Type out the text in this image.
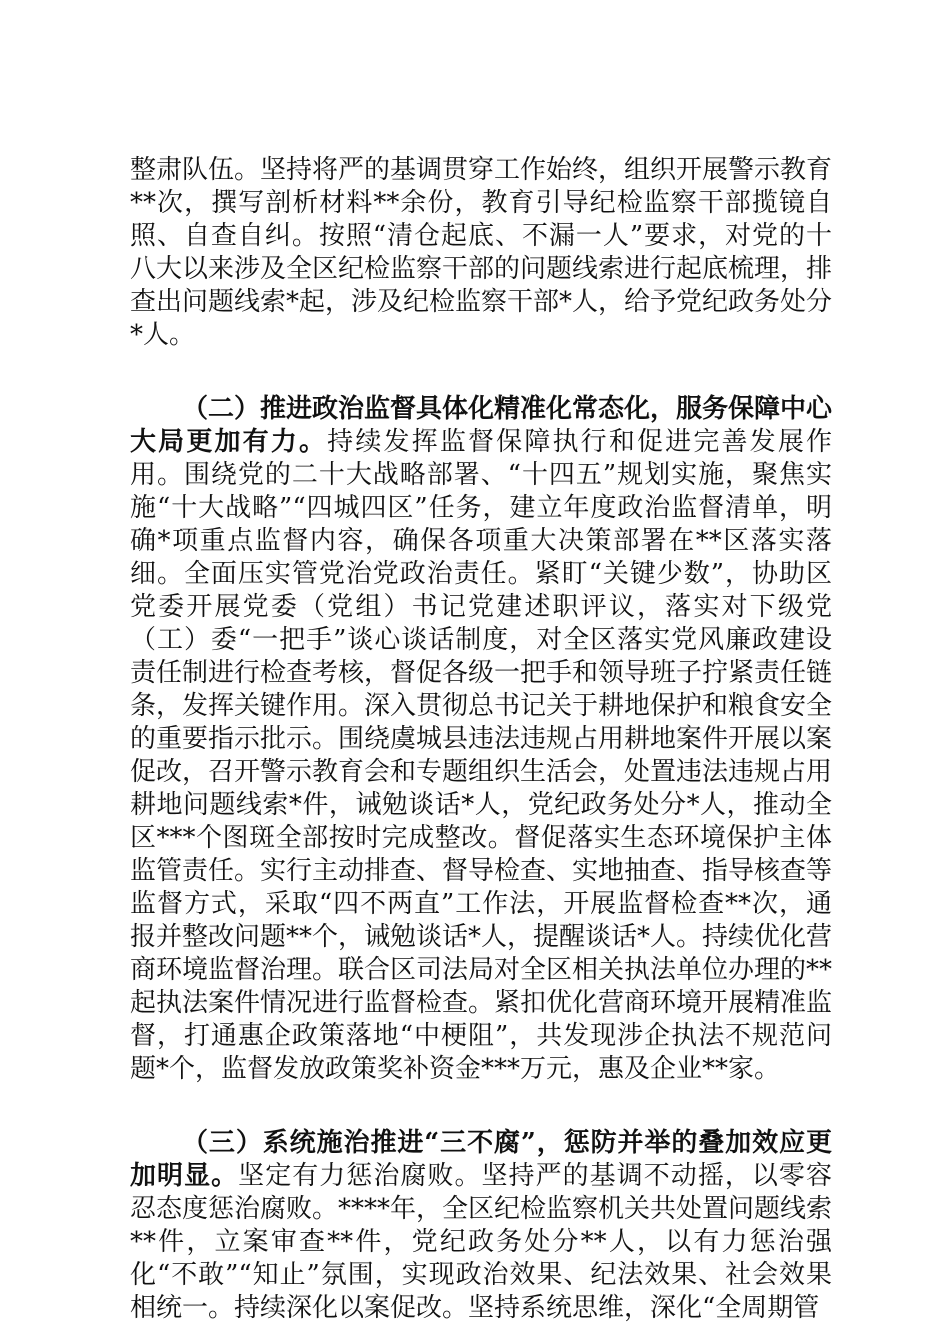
整肃队伍。坚持将严的基调贯穿工作始终，组织开展警示教育**次，撰写剖析材料**余份，教育引导纪检监察干部揽镜自照、自查自纠。按照“清仓起底、不漏一人”要求，对党的十八大以来涉及全区纪检监察干部的问题线索进行起底梳理，排查出问题线索*起，涉及纪检监察干部*人，给予党纪政务处分*人。

（二）推进政治监督具体化精准化常态化，服务保障中心大局更加有力。持续发挥监督保障执行和促进完善发展作用。围绕党的二十大战略部署、“十四五”规划实施，聚焦实施“十大战略”“四城四区”任务，建立年度政治监督清单，明确*项重点监督内容，确保各项重大决策部署在**区落实落细。全面压实管党治党政治责任。紧盯“关键少数”，协助区党委开展党委（党组）书记党建述职评议，落实对下级党（工）委“一把手”谈心谈话制度，对全区落实党风廉政建设责任制进行检查考核，督促各级一把手和领导班子拧紧责任链条，发挥关键作用。深入贯彻总书记关于耕地保护和粮食安全的重要指示批示。围绕虞城县违法违规占用耕地案件开展以案促改，召开警示教育会和专题组织生活会，处置违法违规占用耕地问题线索*件，诫勉谈话*人，党纪政务处分*人，推动全区***个图斑全部按时完成整改。督促落实生态环境保护主体监管责任。实行主动排查、督导检查、实地抽查、指导核查等监督方式，采取“四不两直”工作法，开展监督检查**次，通报并整改问题**个，诫勉谈话*人，提醒谈话*人。持续优化营商环境监督治理。联合区司法局对全区相关执法单位办理的**起执法案件情况进行监督检查。紧扣优化营商环境开展精准监督，打通惠企政策落地“中梗阻”，共发现涉企执法不规范问题*个，监督发放政策奖补资金***万元，惠及企业**家。

（三）系统施治推进“三不腐”，惩防并举的叠加效应更加明显。坚定有力惩治腐败。坚持严的基调不动摇，以零容忍态度惩治腐败。****年，全区纪检监察机关共处置问题线索**件，立案审查**件，党纪政务处分**人，以有力惩治强化“不敢”“知止”氛围，实现政治效果、纪法效果、社会效果相统一。持续深化以案促改。坚持系统思维，深化“全周期管
